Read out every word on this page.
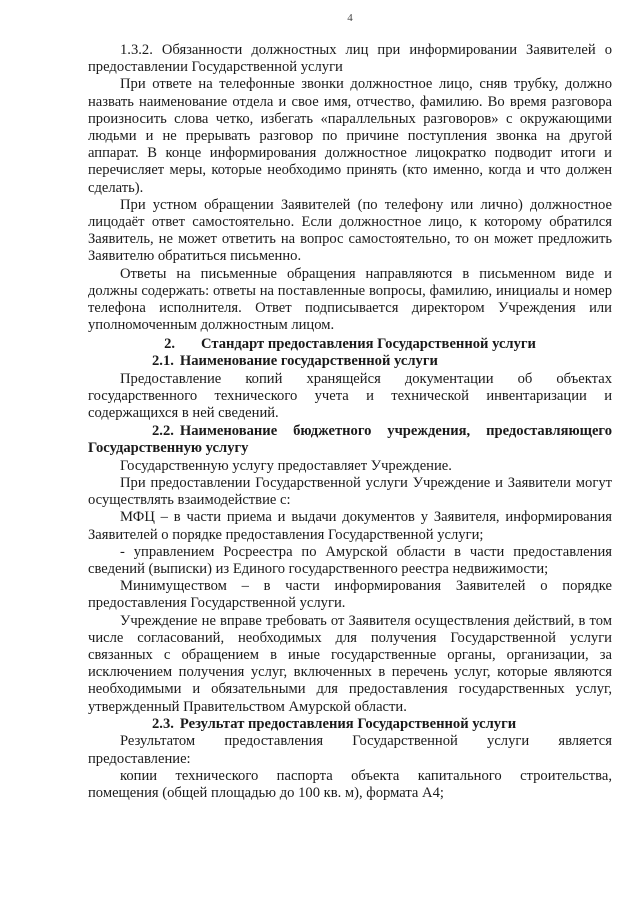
4

1.3.2. Обязанности должностных лиц при информировании Заявителей о предоставлении Государственной услуги

При ответе на телефонные звонки должностное лицо, сняв трубку, должно назвать наименование отдела и свое имя, отчество, фамилию. Во время разговора произносить слова четко, избегать «параллельных разговоров» с окружающими людьми и не прерывать разговор по причине поступления звонка на другой аппарат. В конце информирования должностное лицократко подводит итоги и перечисляет меры, которые необходимо принять (кто именно, когда и что должен сделать).

При устном обращении Заявителей (по телефону или лично) должностное лицодаёт ответ самостоятельно. Если должностное лицо, к которому обратился Заявитель, не может ответить на вопрос самостоятельно, то он может предложить Заявителю обратиться письменно.

Ответы на письменные обращения направляются в письменном виде и должны содержать: ответы на поставленные вопросы, фамилию, инициалы и номер телефона исполнителя. Ответ подписывается директором Учреждения или уполномоченным должностным лицом.

2. Стандарт предоставления Государственной услуги
2.1. Наименование государственной услуги

Предоставление копий хранящейся документации об объектах государственного технического учета и технической инвентаризации и содержащихся в ней сведений.

2.2. Наименование бюджетного учреждения, предоставляющего Государственную услугу

Государственную услугу предоставляет Учреждение.

При предоставлении Государственной услуги Учреждение и Заявители могут осуществлять взаимодействие с:

МФЦ – в части приема и выдачи документов у Заявителя, информирования Заявителей о порядке предоставления Государственной услуги;

- управлением Росреестра по Амурской области в части предоставления сведений (выписки) из Единого государственного реестра недвижимости;

Минимуществом – в части информирования Заявителей о порядке предоставления Государственной услуги.

Учреждение не вправе требовать от Заявителя осуществления действий, в том числе согласований, необходимых для получения Государственной услуги связанных с обращением в иные государственные органы, организации, за исключением получения услуг, включенных в перечень услуг, которые являются необходимыми и обязательными для предоставления государственных услуг, утвержденный Правительством Амурской области.

2.3. Результат предоставления Государственной услуги

Результатом предоставления Государственной услуги является предоставление:

копии технического паспорта объекта капитального строительства, помещения (общей площадью до 100 кв. м), формата А4;
